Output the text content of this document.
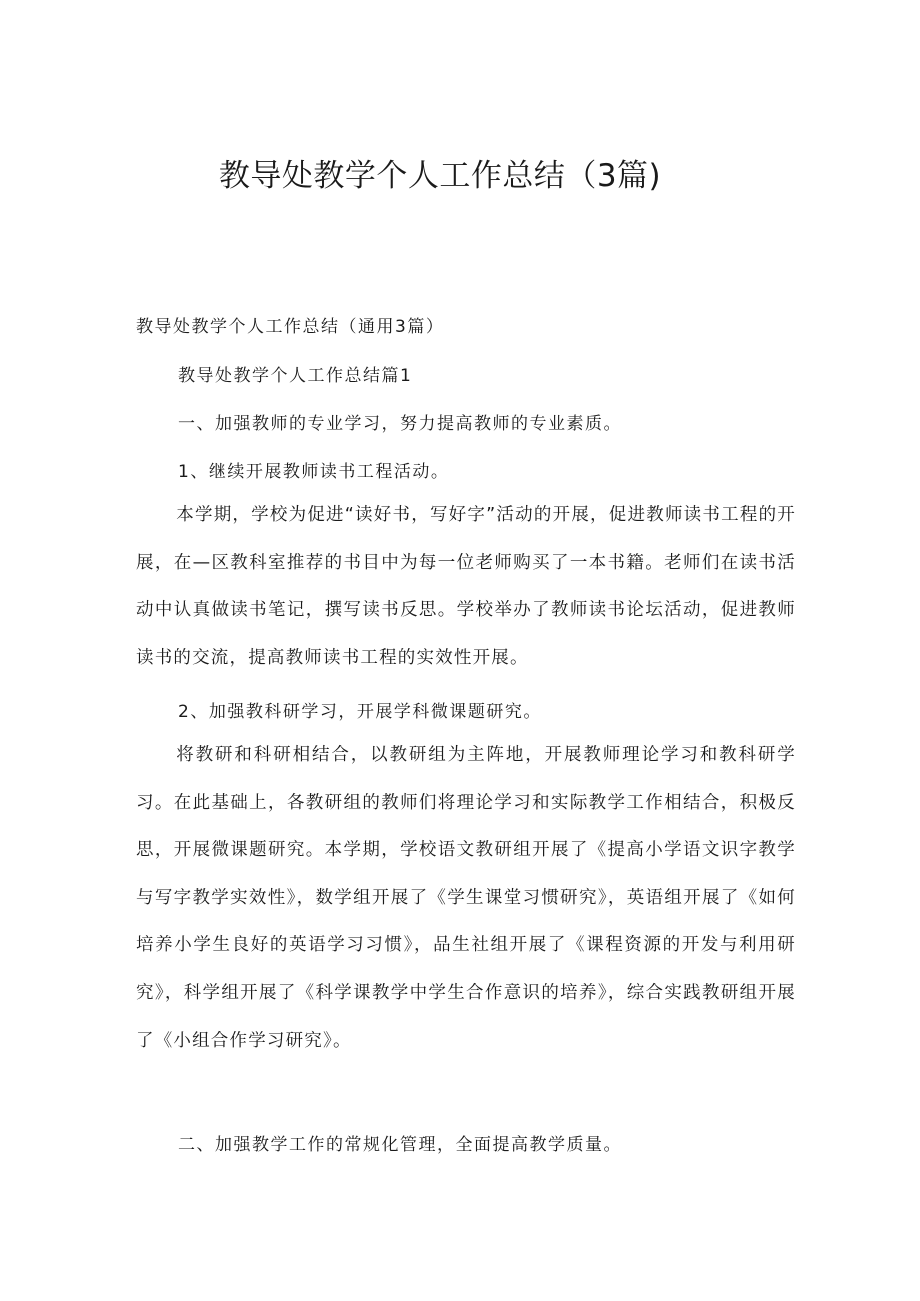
教导处教学个人工作总结（3篇)
教导处教学个人工作总结（通用3篇）
教导处教学个人工作总结篇1
一、加强教师的专业学习，努力提高教师的专业素质。
1、继续开展教师读书工程活动。
本学期，学校为促进“读好书，写好字”活动的开展，促进教师读书工程的开展，在—区教科室推荐的书目中为每一位老师购买了一本书籍。老师们在读书活动中认真做读书笔记，撰写读书反思。学校举办了教师读书论坛活动，促进教师读书的交流，提高教师读书工程的实效性开展。
2、加强教科研学习，开展学科微课题研究。
将教研和科研相结合，以教研组为主阵地，开展教师理论学习和教科研学习。在此基础上，各教研组的教师们将理论学习和实际教学工作相结合，积极反思，开展微课题研究。本学期，学校语文教研组开展了《提高小学语文识字教学与写字教学实效性》，数学组开展了《学生课堂习惯研究》，英语组开展了《如何培养小学生良好的英语学习习惯》，品生社组开展了《课程资源的开发与利用研究》，科学组开展了《科学课教学中学生合作意识的培养》，综合实践教研组开展了《小组合作学习研究》。
二、加强教学工作的常规化管理，全面提高教学质量。
